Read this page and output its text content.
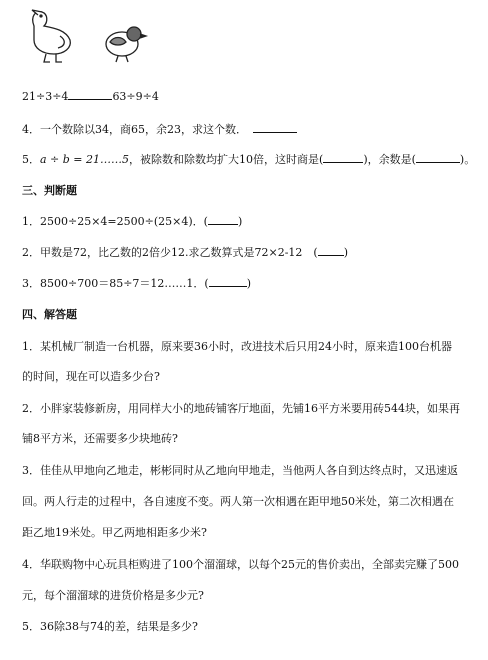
21÷3÷4	63÷9÷4
4．一个数除以34，商65，余23，求这个数．
5．a ÷ b = 21……5，被除数和除数均扩大10倍，这时商是(	)，余数是(	)。
三、判断题
1．2500÷25×4=2500÷(25×4)．(	)
2．甲数是72，比乙数的2倍少12.求乙数算式是72×2-12　( )
3．8500÷700＝85÷7＝12……1．(	)
四、解答题
1．某机械厂制造一台机器，原来要36小时，改进技术后只用24小时，原来造100台机器
的时间，现在可以造多少台?
2．小胖家装修新房，用同样大小的地砖铺客厅地面，先铺16平方米要用砖544块，如果再
铺8平方米，还需要多少块地砖?
3．佳佳从甲地向乙地走，彬彬同时从乙地向甲地走，当他两人各自到达终点时，又迅速返
回。两人行走的过程中，各自速度不变。两人第一次相遇在距甲地50米处，第二次相遇在
距乙地19米处。甲乙两地相距多少米?
4．华联购物中心玩具柜购进了100个溜溜球，以每个25元的售价卖出，全部卖完赚了500
元，每个溜溜球的进货价格是多少元?
5．36除38与74的差，结果是多少?
